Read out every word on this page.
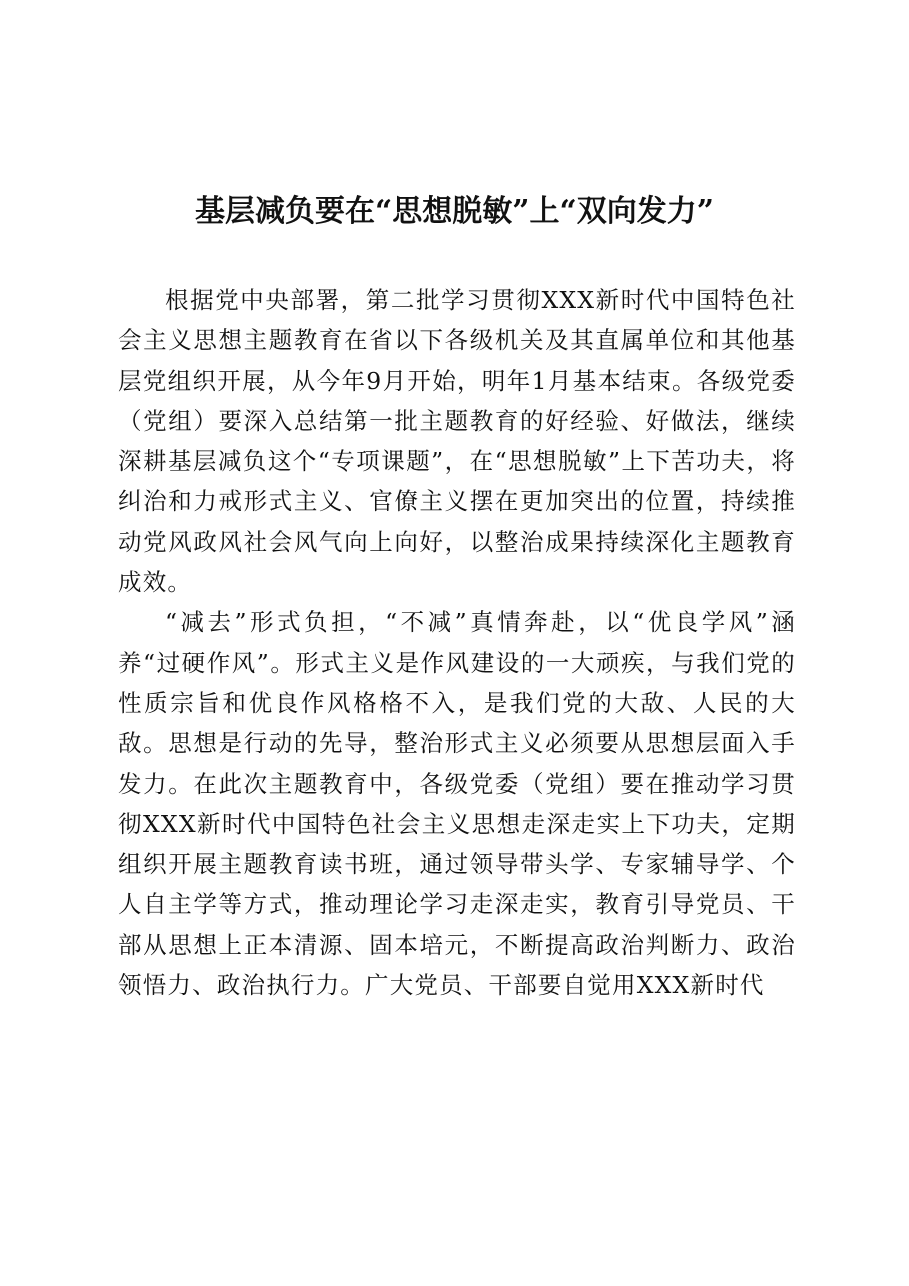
基层减负要在“思想脱敏”上“双向发力”

根据党中央部署，第二批学习贯彻XXX新时代中国特色社会主义思想主题教育在省以下各级机关及其直属单位和其他基层党组织开展，从今年9月开始，明年1月基本结束。各级党委（党组）要深入总结第一批主题教育的好经验、好做法，继续深耕基层减负这个“专项课题”，在“思想脱敏”上下苦功夫，将纠治和力戒形式主义、官僚主义摆在更加突出的位置，持续推动党风政风社会风气向上向好，以整治成果持续深化主题教育成效。

“减去”形式负担，“不减”真情奔赴，以“优良学风”涵养“过硬作风”。形式主义是作风建设的一大顽疾，与我们党的性质宗旨和优良作风格格不入，是我们党的大敌、人民的大敌。思想是行动的先导，整治形式主义必须要从思想层面入手发力。在此次主题教育中，各级党委（党组）要在推动学习贯彻XXX新时代中国特色社会主义思想走深走实上下功夫，定期组织开展主题教育读书班，通过领导带头学、专家辅导学、个人自主学等方式，推动理论学习走深走实，教育引导党员、干部从思想上正本清源、固本培元，不断提高政治判断力、政治领悟力、政治执行力。广大党员、干部要自觉用XXX新时代
